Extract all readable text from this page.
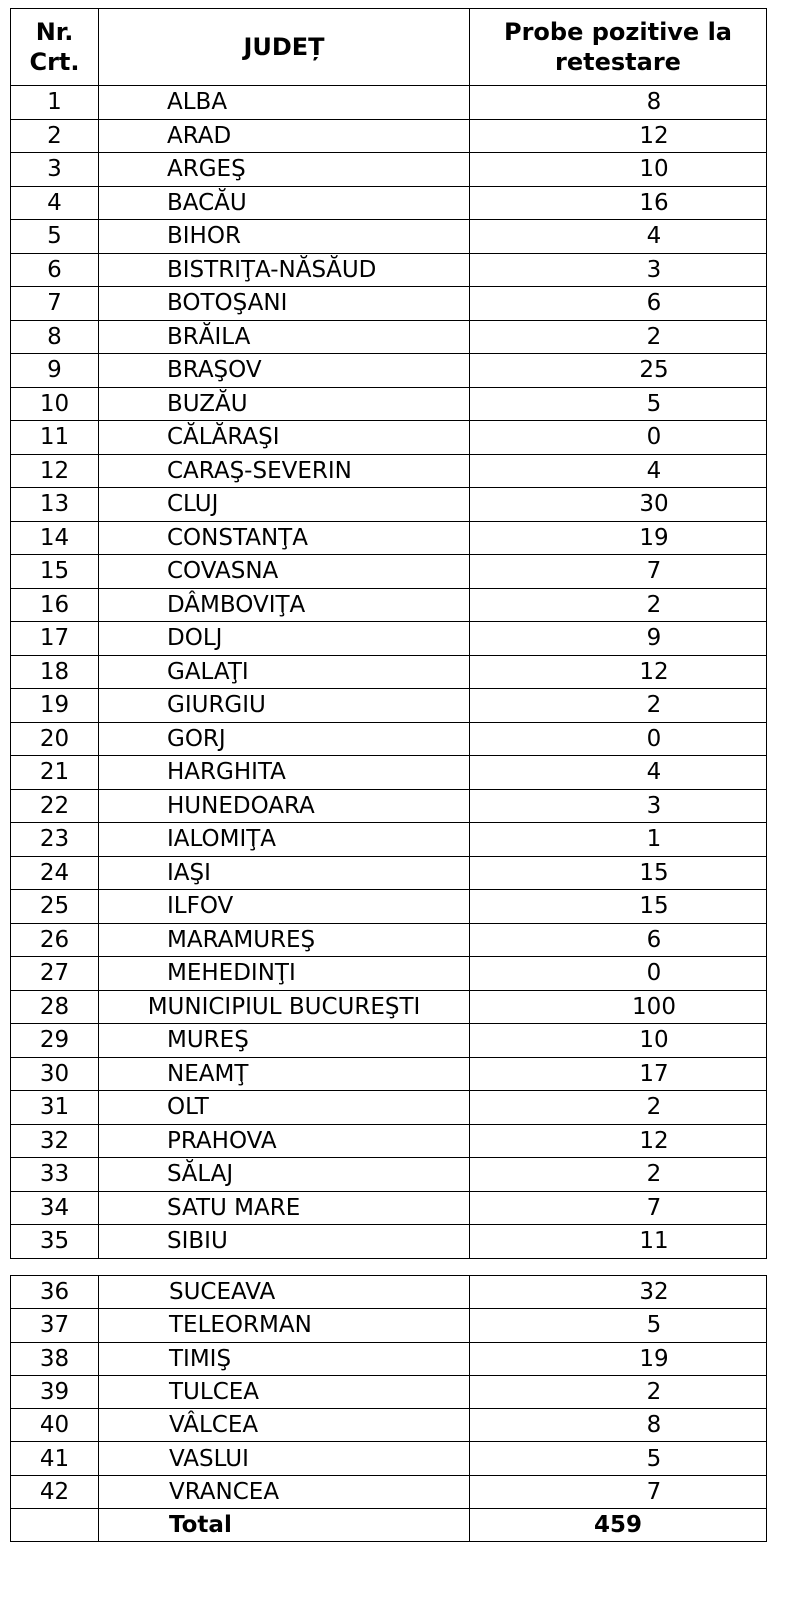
Nr. Crt.	JUDEȚ	Probe pozitive la retestare
1	ALBA	8
2	ARAD	12
3	ARGEŞ	10
4	BACĂU	16
5	BIHOR	4
6	BISTRIŢA-NĂSĂUD	3
7	BOTOŞANI	6
8	BRĂILA	2
9	BRAŞOV	25
10	BUZĂU	5
11	CĂLĂRAŞI	0
12	CARAŞ-SEVERIN	4
13	CLUJ	30
14	CONSTANŢA	19
15	COVASNA	7
16	DÂMBOVIŢA	2
17	DOLJ	9
18	GALAŢI	12
19	GIURGIU	2
20	GORJ	0
21	HARGHITA	4
22	HUNEDOARA	3
23	IALOMIŢA	1
24	IAŞI	15
25	ILFOV	15
26	MARAMUREŞ	6
27	MEHEDINŢI	0
28	MUNICIPIUL BUCUREŞTI	100
29	MUREŞ	10
30	NEAMŢ	17
31	OLT	2
32	PRAHOVA	12
33	SĂLAJ	2
34	SATU MARE	7
35	SIBIU	11
36	SUCEAVA	32
37	TELEORMAN	5
38	TIMIŞ	19
39	TULCEA	2
40	VÂLCEA	8
41	VASLUI	5
42	VRANCEA	7
	Total	459
